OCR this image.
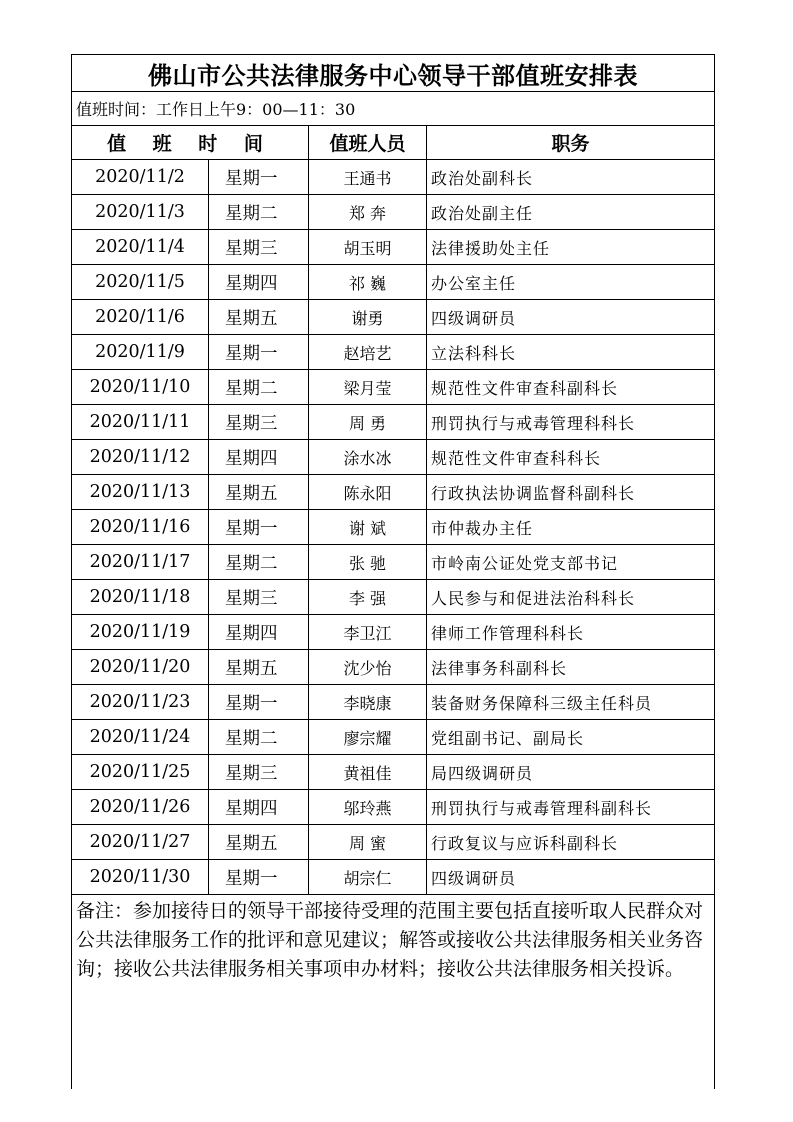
佛山市公共法律服务中心领导干部值班安排表			
值班时间：工作日上午9：00—11：30			
值 班 时 间		值班人员	职务
2020/11/2	星期一	王通书	政治处副科长
2020/11/3	星期二	郑 奔	政治处副主任
2020/11/4	星期三	胡玉明	法律援助处主任
2020/11/5	星期四	祁 巍	办公室主任
2020/11/6	星期五	谢勇	四级调研员
2020/11/9	星期一	赵培艺	立法科科长
2020/11/10	星期二	梁月莹	规范性文件审查科副科长
2020/11/11	星期三	周 勇	刑罚执行与戒毒管理科科长
2020/11/12	星期四	涂水冰	规范性文件审查科科长
2020/11/13	星期五	陈永阳	行政执法协调监督科副科长
2020/11/16	星期一	谢 斌	市仲裁办主任
2020/11/17	星期二	张 驰	市岭南公证处党支部书记
2020/11/18	星期三	李 强	人民参与和促进法治科科长
2020/11/19	星期四	李卫江	律师工作管理科科长
2020/11/20	星期五	沈少怡	法律事务科副科长
2020/11/23	星期一	李晓康	装备财务保障科三级主任科员
2020/11/24	星期二	廖宗耀	党组副书记、副局长
2020/11/25	星期三	黄祖佳	局四级调研员
2020/11/26	星期四	邬玲燕	刑罚执行与戒毒管理科副科长
2020/11/27	星期五	周 蜜	行政复议与应诉科副科长
2020/11/30	星期一	胡宗仁	四级调研员
备注：参加接待日的领导干部接待受理的范围主要包括直接听取人民群众对公共法律服务工作的批评和意见建议；解答或接收公共法律服务相关业务咨询；接收公共法律服务相关事项申办材料；接收公共法律服务相关投诉。			
